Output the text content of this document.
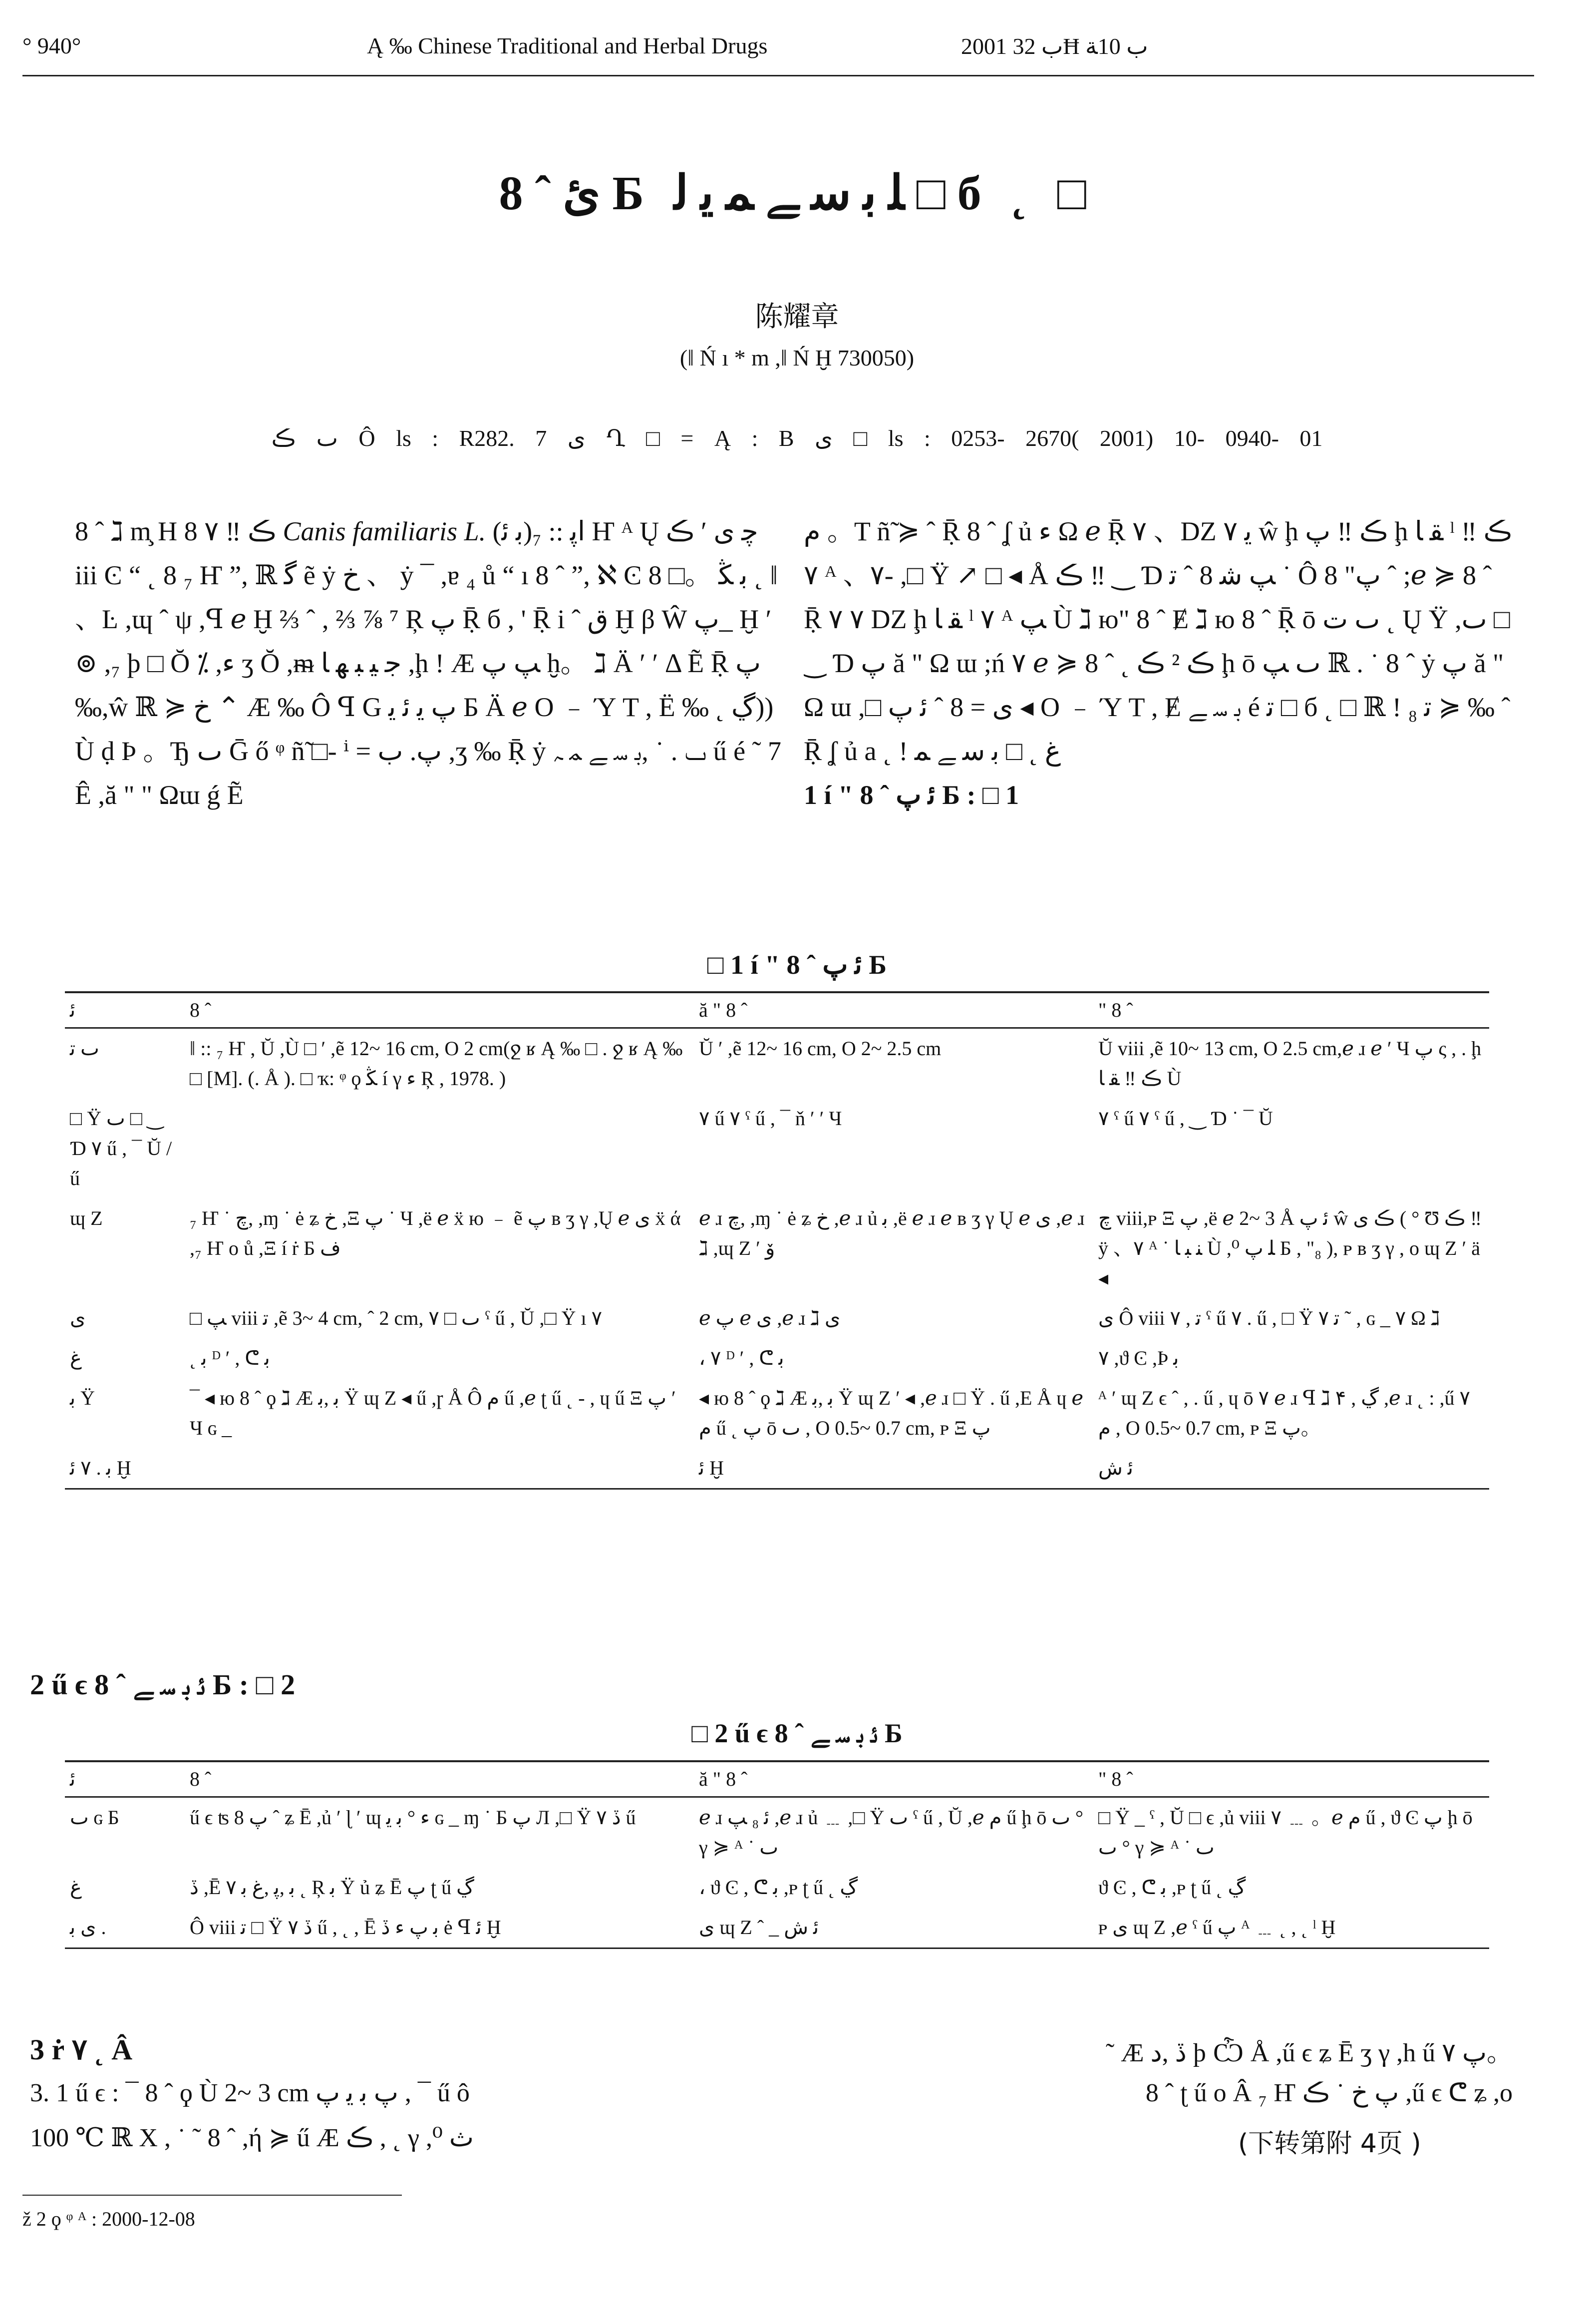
° 940°	Ą ‰ Chinese Traditional and Herbal Drugs	2001 ﺏ 32Ħ ﺏ 10ﺔ
8 ˆ ﺉ Б ﻠ ﺑ ﺳ ﮯ ﻤ ﯾ ﻟ □ б ˛ □
陈耀章
(‖ Ń ı * m ,‖ Ń Ḫ 730050)
ٮ ڪ Ô ls : R282. 7 ی Ղ □ = Ą : B ی □ ls : 0253- 2670( 2001) 10- 0940- 01

8 ˆ ℷ m̧ H ڪ ‼ ۷ 8 Canis familiaris L. (ﺑ ﺋ)ﺍﭘ :: ₇ Ҥ ᴬ Ų ﭼ ی ′ ڪ iii Ͼ “ ˛ 8 ₇ Ҥ ”, ℝ ﮔ ẽ ẏ خ 、 ẏ ¯ ,ɐ ₄ ů “ ı 8 ˆ ”, ℵ Ͼ 8 □。 ﺑ ﯖ ˛ ‖ 、Ŀ ,ɰ ˆ ψ ,ꟼ ℯ Ḫ ⅔ ˆ , ⅔ ⅞ ⁷ Ŗ ﭖ Ṝ б , ' Ṝ i ˆ ق Ḫ β Ŵ ﭖ_ Ḫ ′ ⊚ ,₇ þ □ Ŏ ⁒ ,ء ʒ Ŏ ,ᵯ ﺟ ﻴ ﺒ ﻬ ﺎ ,ḩ ! Æ ﭗ ﭖ ḫ。 ℷ Ä ′ ′ Δ Ẽ Ṝ ﭖ ‰,ŵ ℝ ≽ خ ⌃ Æ ‰ Ô ꟼ G ﭖ ﻳ ﺋ ﯾ Б Ä ℯ Ο ﹣ Ύ Τ , Ë ‰ ˛ ڲ)) Ù ḍ Þ 。Ђ ٮ Ḡ ő ᵠ ñ̃ □- ⁱ = ﭖ. ﺏ ,ʒ ‰ Ṝ ẏ ٮ . ˙ ,ﺑ ﺳ ﮯ ﻤ ﮧ ű é ˜ 7 Ê ,ă " " Ωɯ ǵ Ẽ

ﻡ 。Τ ñ̃ ≽ ˆ Ṝ 8 ˆ ʆ ủ ﺀ Ω ℯ Ṝ ۷ 、DZ ۷ ﯾ ŵ ḩ ڪ ‼ ﭖ ḩ ﻘ ﺎ ˡ ڪ ‼ ۷ ᴬ 、۷- ,□ Ÿ ↗ □ ◂ Å ڪ ‼ ‿ Ɗ ﭗ ﺷ 8 ˆ ﺗ ˙ Ô ﭖ" 8 ˆ ;ℯ ≽ 8 ˆ Ṝ ۷ ۷ DZ ḩ ﻘ ﺎ ˡ ۷ ᴬ ﭗ Ù ℷ ю" 8 ˆ Ɇ ℷ ю 8 ˆ Ṝ ō ٮ ﺕ ˛ Ų Ÿ ,ٮ □ ‿ Ɗ ﭖ ă " Ω ɯ ;ń ۷ ℯ ≽ 8 ˆ ˛ ڪ ² ڪ ḩ ō ٮ ﭗ ℝ . ˙ 8 ˆ ẏ ﭖ ă " Ω ɯ ,□ ی = 8 ˆ ﺋ ﭖ ◂ Ο ﹣ Ύ Τ , Ɇ ﺑ ﺳ ﮯ é ﺗ □ б ˛ □ ℝ ! ₈ ﺗ ≽ ‰ ˆ Ṝ ʆ ủ a ˛ ! ﻍ ˛ □ ﺑ ﺳ ﮯ ﻤ

1 í " 8 ˆ ﺋ ﭖ Б : □ 1

□ 1 í " 8 ˆ ﺋ ﭖ Б
ﺋ	8 ˆ	ă " 8 ˆ	" 8 ˆ
ٮ ﺗ	‖ :: ₇ Ҥ , Ŭ ,Ù □ ′ ,ẽ 12~ 16 cm, O 2 cm(ջ ʁ Ą ‰ □ . ջ ʁ Ą ‰ □ [M]. (. Å ). □ ҡ: ᵠ ϙ ﯖ í γ ﺀ Ŗ , 1978. )	Ŭ ′ ,ẽ 12~ 16 cm, O 2~ 2.5 cm	Ŭ viii ,ẽ 10~ 13 cm, O 2.5 cm,ℯ ɹ ℯ ′ Ч ﭖ ς , . ḩ ڪ ‼ ﻘ ﺎ Ù
□ Ÿ ٮ □ ‿ Ɗ ۷ ű , ¯ Ŭ / ű		۷ ű ۷ ˤ ű , ¯ ň ′ ′ Ч	۷ ˤ ű ۷ ˤ ű , ‿ Ɗ ˙ ¯ Ŭ
ɰ Ζ	₇ Ҥ ˙ ﭺ, ,ɱ ˙ ė ʑ خ ,Ξ ﭖ ˙ Ч ,ë ℯ ẍ ю ﹣ ẽ ﭖ ʙ ʒ γ ,Ų ℯ ی ẍ ά ,₇ Ҥ ο ů ,Ξ í ṙ Б ﻑ	ℯ ɹ ﭺ, ,ɱ ˙ ė ʑ خ ,ℯ ɹ ủ ﺑ ,ë ℯ ɹ ℯ ʙ ʒ γ Ų ℯ ی ,ℯ ɹ ℷ ,ɰ Ζ ′ ﯙ	ﭺ viii,ᴘ Ξ ﭖ ,ë ℯ 2~ 3 Å ﺋ ﭖ ŵ ڪ ی ( ° Ʊ ڪ ‼ ÿ 、۷ ᴬ ˙ ﻨ ﺒ ﺎ Ù ,⁰ ﻠ ﭖ Б , "₈ ), ᴘ ʙ ʒ γ , ο ɰ Ζ ′ ä ◂
ی	□ ﭗ viii ﺗ ,ẽ 3~ 4 cm, ˆ 2 cm, ٮ □ ۷ ˤ ű , Ŭ ,□ Ÿ ı ۷	ℯ ﭖ ℯ ی ,ℯ ɹ ℷ ی	ی Ô viii ﺗ , ۷ ˤ ű ۷ . ű , □ Ÿ ۷ ﺗ ˜ , ɢ _ ۷ Ω ℷ
ﻍ	˛ ﺑ ᴰ ′ , ᕦ ﺑ	، ۷ ᴰ ′ , ᕦ ﺑ	۷ ,ϑ Ͼ ,Þ ﺑ
ﺑ Ÿ	¯ ◂ ю 8 ˆ ϙ ℷ Æ ﺑ ,ﺑ Ÿ ɰ Ζ ◂ ű ,ɼ Å Ô ﻡ ű ,ℯ ʈ ű ˛ - , ɥ ű Ξ ﭖ ′ Ч ɢ _	◂ ю 8 ˆ ϙ ℷ Æ ﺑ ,ﺑ Ÿ ɰ Ζ ′ ◂ ,ℯ ɹ □ Ÿ . ű ,Ε Å ɥ ℯ ﻡ ű ˛ ﭖ ō ٮ , O 0.5~ 0.7 cm, ᴘ Ξ ﭖ	ᴬ ′ ɰ Ζ ϵ ˆ , . ű , ɥ ō ۷ ℯ ɹ ꟼ ℷ ۴ , ڲ ,ℯ ɹ ˛ : ,ű ۷ ﻡ , O 0.5~ 0.7 cm, ᴘ Ξ ﭖ。
ﺑ . ۷ ﺋ Ḫ		ﺋ Ḫ	ﺋ ﺵ
2 ű ϵ 8 ˆ ﺋ ﺑ ﺳ ﮯ Б : □ 2
□ 2 ű ϵ 8 ˆ ﺋ ﺑ ﺳ ﮯ Б
ﺋ	8 ˆ	ă " 8 ˆ	" 8 ˆ
ٮ ɢ Б	ű ϵ ʦ ﭖ 8 ˆ ʑ Ē ,ủ ′ ɭ ′ ɰ ﺀ ° ﺑ ﯾ ɢ _ ɱ ˙ Б ﭖ Л ,□ Ÿ ڏ ۷ ű	ℯ ɹ ﺋ ₈ ﭗ ,ℯ ɹ ủ ﹍ ,□ Ÿ ٮ ˤ ű , Ŭ ,ℯ ﻡ ű ḩ ō ٮ ° γ ≽ ᴬ ˙ ٮ	□ Ÿ _ ˤ , Ŭ □ ϵ ,ủ viii ۷ ﹍ 。ℯ ﻡ ű , ϑ Ͼ ﭖ ḩ ō ٮ ° γ ≽ ᴬ ˙ ٮ
ﻍ	ڏ ,Ē ﺑ ,ﭘ ,ﻍ ﺑ ۷ ˛ Ŗ ﺑ Ÿ ủ ʑ Ē ﭖ ʈ ű ڲ	، ϑ Ͼ , ᕦ ﺑ ,ᴘ ʈ ű ˛ ڲ	ϑ Ͼ , ᕦ ﺑ ,ᴘ ʈ ű ˛ ڲ
ی ﺑ .	Ô viii ﺗ □ Ÿ ڏ ۷ ű , ˛ , Ē ﺑ ﭖ ﺀ ڏ ė ꟼ ﺋ Ḫ	ی ɰ Ζ ˆ _ ﺋ ﺵ	ᴘ ی ɰ Ζ ,ℯ ˤ ű ﭖ ᴬ ﹍ ˛ , ˛ ˡ Ḫ
3 ṙ ۷ ˛ Â
3. 1 ű ϵ : ¯ 8 ˆ ϙ Ù 2~ 3 cm ﭖ ﺑ ﯾ ﭖ , ¯ ű ô
100 ℃ ℝ Χ , ˙ ˜ 8 ˆ ,ή ≽ ű Æ ڪ , ˛ γ ,⁰ ﺙ
˜ Æ ڏ ,ﺩ þ Ѽ Å ,ű ϵ ʑ Ē ʒ γ ,h ű ۷ ﭖ。
8 ˆ ʈ ű ο Â ₇ Ҥ ﭖ خ ˙ ڪ ,ű ϵ ᕦ ʑ ,ο
(下转第附 4页 )
ž 2 ϙ ᵠ ᴬ : 2000-12-08
